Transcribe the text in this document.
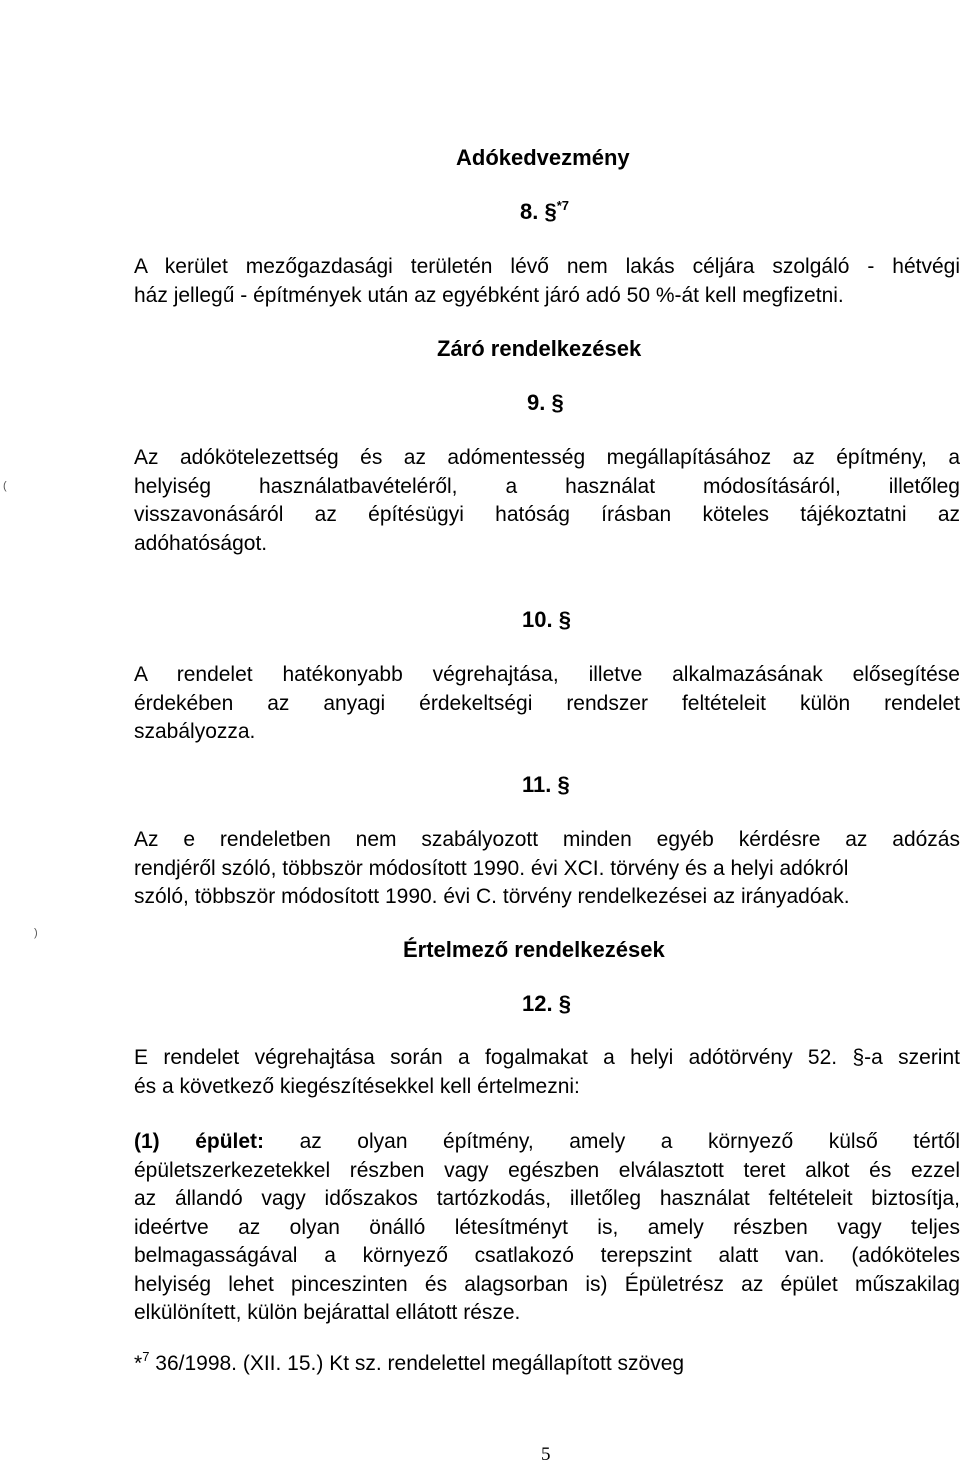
Adókedvezmény
8. §$^{*7}$
A kerület mezőgazdasági területén lévő nem lakás céljára szolgáló - hétvégi
ház jellegű - építmények után az egyébként járó adó 50 %-át kell megfizetni.
Záró rendelkezések
9. §
(
Az adókötelezettség és az adómentesség megállapításához az építmény, a
helyiség használatbavételéről, a használat módosításáról, illetőleg
visszavonásáról az építésügyi hatóság írásban köteles tájékoztatni az
adóhatóságot.
10. §
A rendelet hatékonyabb végrehajtása, illetve alkalmazásának elősegítése
érdekében az anyagi érdekeltségi rendszer feltételeit külön rendelet
szabályozza.
11. §
Az e rendeletben nem szabályozott minden egyéb kérdésre az adózás
rendjéről szóló, többször módosított 1990. évi XCI. törvény és a helyi adókról
szóló, többször módosított 1990. évi C. törvény rendelkezései az irányadóak.
)
Értelmező rendelkezések
12. §
E rendelet végrehajtása során a fogalmakat a helyi adótörvény 52. §-a szerint
és a következő kiegészítésekkel kell értelmezni:
(1) épület: az olyan építmény, amely a környező külső tértől
épületszerkezetekkel részben vagy egészben elválasztott teret alkot és ezzel
az állandó vagy időszakos tartózkodás, illetőleg használat feltételeit biztosítja,
ideértve az olyan önálló létesítményt is, amely részben vagy teljes
belmagasságával a környező csatlakozó terepszint alatt van. (adóköteles
helyiség lehet pinceszinten és alagsorban is) Épületrész az épület műszakilag
elkülönített, külön bejárattal ellátott része.
*$^7$ 36/1998. (XII. 15.) Kt sz. rendelettel megállapított szöveg
5
